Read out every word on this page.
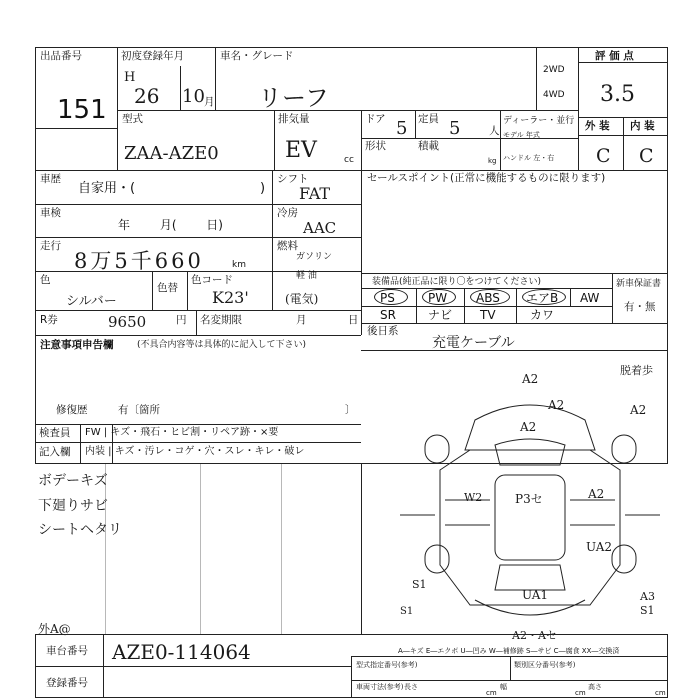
出品番号
151
初度登録年月
H
26 10 月
車名・グレード
リーフ
2WD
4WD
評 価 点
3.5
型式
ZAA-AZE0
排気量
EV	cc
ドア 5 定員 5	人
ディーラー・並行
モデル 年式
形状	積載
kg ハンドル 左・右
外 装 内 装
C C
車歴
自家用・(	)
車検
年 月( 日)
走行
8万5千660	km
色
シルバー
色替
色コード
K23'
シフト
FAT
冷房
AAC
燃料
ガソリン
軽 油
(電気)
R券	9650	円 名変期限	月 日
注意事項申告欄	(不具合内容等は具体的に記入して下さい)
修復歴	有〔箇所	〕
セールスポイント(正常に機能するものに限ります)
装備品(純正品に限り〇をつけてください)	新車保証書
有・無
PS	PW ABS エアB AW
SR	ナビ TV	カワ
後日系
充電ケーブル
検査員
記入欄
FW | キズ・飛石・ヒビ割・リペア跡・×要
内装 | キズ・汚レ・コゲ・穴・スレ・キレ・破レ
ボデーキズ
下廻りサビ
シートヘタリ
外A@
A2
A2
A2
A2
脱着歩
W2	P3セ	A2
UA2
UA1
S1
A3
S1
A2・Aセ
S1
A―キズ E―エクボ U―凹み W―補修跡 S―サビ C―腐食 XX―交換済
車台番号 AZE0-114064
登録番号
型式指定番号(参考)	類別区分番号(参考)
車両寸法(参考) 長さ
cm
幅
cm
高さ
cm
